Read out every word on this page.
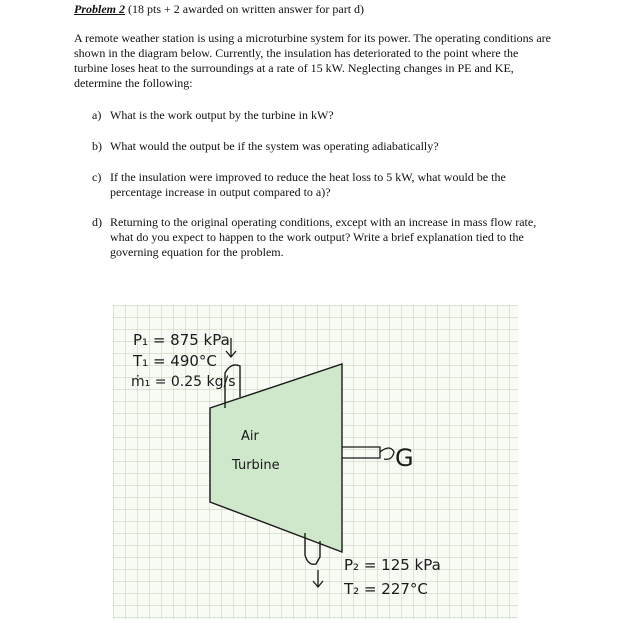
Problem 2 (18 pts + 2 awarded on written answer for part d)

A remote weather station is using a microturbine system for its power. The operating conditions are shown in the diagram below. Currently, the insulation has deteriorated to the point where the turbine loses heat to the surroundings at a rate of 15 kW. Neglecting changes in PE and KE, determine the following:

a) What is the work output by the turbine in kW?

b) What would the output be if the system was operating adiabatically?

c) If the insulation were improved to reduce the heat loss to 5 kW, what would be the percentage increase in output compared to a)?

d) Returning to the original operating conditions, except with an increase in mass flow rate, what do you expect to happen to the work output? Write a brief explanation tied to the governing equation for the problem.

P₁ = 875 kPa
T₁ = 490°C
ṁ₁ = 0.25 kg/s
Air
Turbine	G
P₂ = 125 kPa
T₂ = 227°C
